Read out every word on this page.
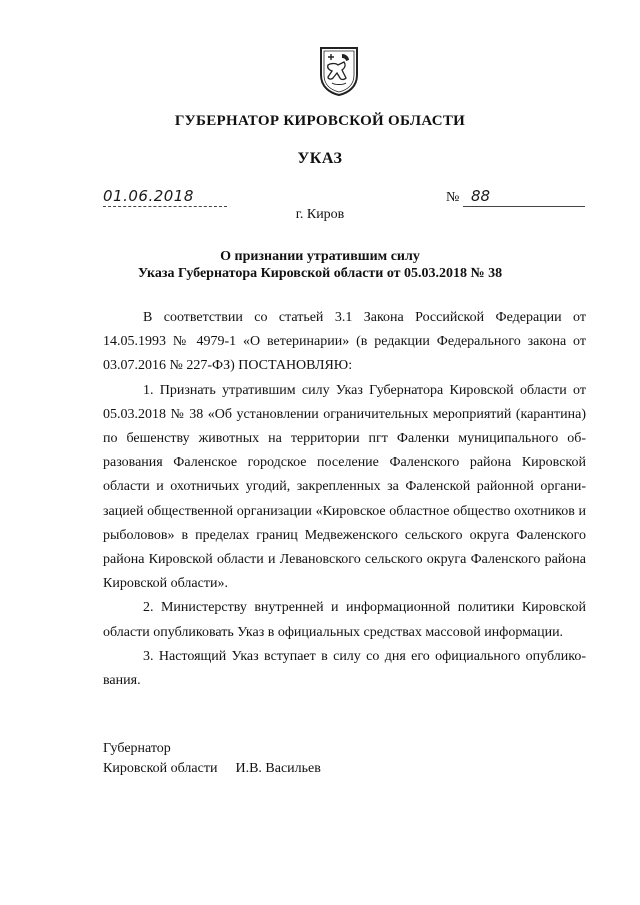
ГУБЕРНАТОР КИРОВСКОЙ ОБЛАСТИ
УКАЗ
01.06.2018	№ 88
г. Киров
О признании утратившим силу
Указа Губернатора Кировской области от 05.03.2018 № 38

В соответствии со статьей 3.1 Закона Российской Федерации от 14.05.1993 № 4979-1 «О ветеринарии» (в редакции Федерального закона от 03.07.2016 № 227-ФЗ) ПОСТАНОВЛЯЮ:

1. Признать утратившим силу Указ Губернатора Кировской области от 05.03.2018 № 38 «Об установлении ограничительных мероприятий (карантина) по бешенству животных на территории пгт Фаленки муниципального образования Фаленское городское поселение Фаленского района Кировской области и охотничьих угодий, закрепленных за Фаленской районной организацией общественной организации «Кировское областное общество охотников и рыболовов» в пределах границ Медвеженского сельского округа Фаленского района Кировской области и Левановского сельского округа Фаленского района Кировской области».

2. Министерству внутренней и информационной политики Кировской области опубликовать Указ в официальных средствах массовой информации.

3. Настоящий Указ вступает в силу со дня его официального опубликования.

Губернатор
Кировской области И.В. Васильев
